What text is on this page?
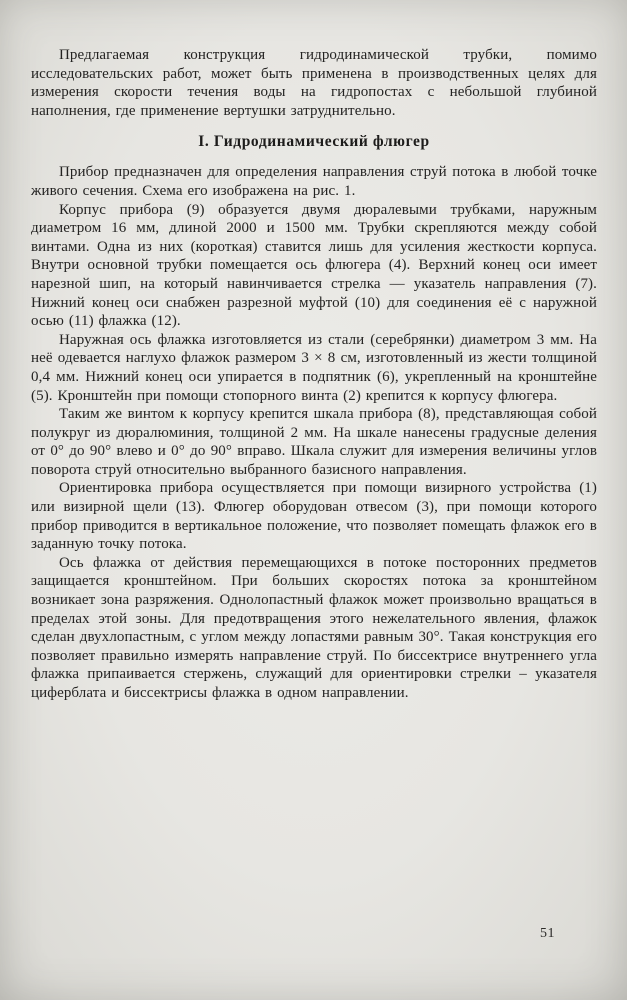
Предлагаемая конструкция гидродинамической трубки, помимо исследовательских работ, может быть применена в производственных целях для измерения скорости течения воды на гидропостах с небольшой глубиной наполнения, где применение вертушки затруднительно.

I. Гидродинамический флюгер

Прибор предназначен для определения направления струй потока в любой точке живого сечения. Схема его изображена на рис. 1.

Корпус прибора (9) образуется двумя дюралевыми трубками, наружным диаметром 16 мм, длиной 2000 и 1500 мм. Трубки скрепляются между собой винтами. Одна из них (короткая) ставится лишь для усиления жесткости корпуса. Внутри основной трубки помещается ось флюгера (4). Верхний конец оси имеет нарезной шип, на который навинчивается стрелка — указатель направления (7). Нижний конец оси снабжен разрезной муфтой (10) для соединения её с наружной осью (11) флажка (12).

Наружная ось флажка изготовляется из стали (серебрянки) диаметром 3 мм. На неё одевается наглухо флажок размером 3 × 8 см, изготовленный из жести толщиной 0,4 мм. Нижний конец оси упирается в подпятник (6), укрепленный на кронштейне (5). Кронштейн при помощи стопорного винта (2) крепится к корпусу флюгера.

Таким же винтом к корпусу крепится шкала прибора (8), представляющая собой полукруг из дюралюминия, толщиной 2 мм. На шкале нанесены градусные деления от 0° до 90° влево и 0° до 90° вправо. Шкала служит для измерения величины углов поворота струй относительно выбранного базисного направления.

Ориентировка прибора осуществляется при помощи визирного устройства (1) или визирной щели (13). Флюгер оборудован отвесом (3), при помощи которого прибор приводится в вертикальное положение, что позволяет помещать флажок его в заданную точку потока.

Ось флажка от действия перемещающихся в потоке посторонних предметов защищается кронштейном. При больших скоростях потока за кронштейном возникает зона разряжения. Однолопастный флажок может произвольно вращаться в пределах этой зоны. Для предотвращения этого нежелательного явления, флажок сделан двухлопастным, с углом между лопастями равным 30°. Такая конструкция его позволяет правильно измерять направление струй. По биссектрисе внутреннего угла флажка припаивается стержень, служащий для ориентировки стрелки – указателя циферблата и биссектрисы флажка в одном направлении.

51
